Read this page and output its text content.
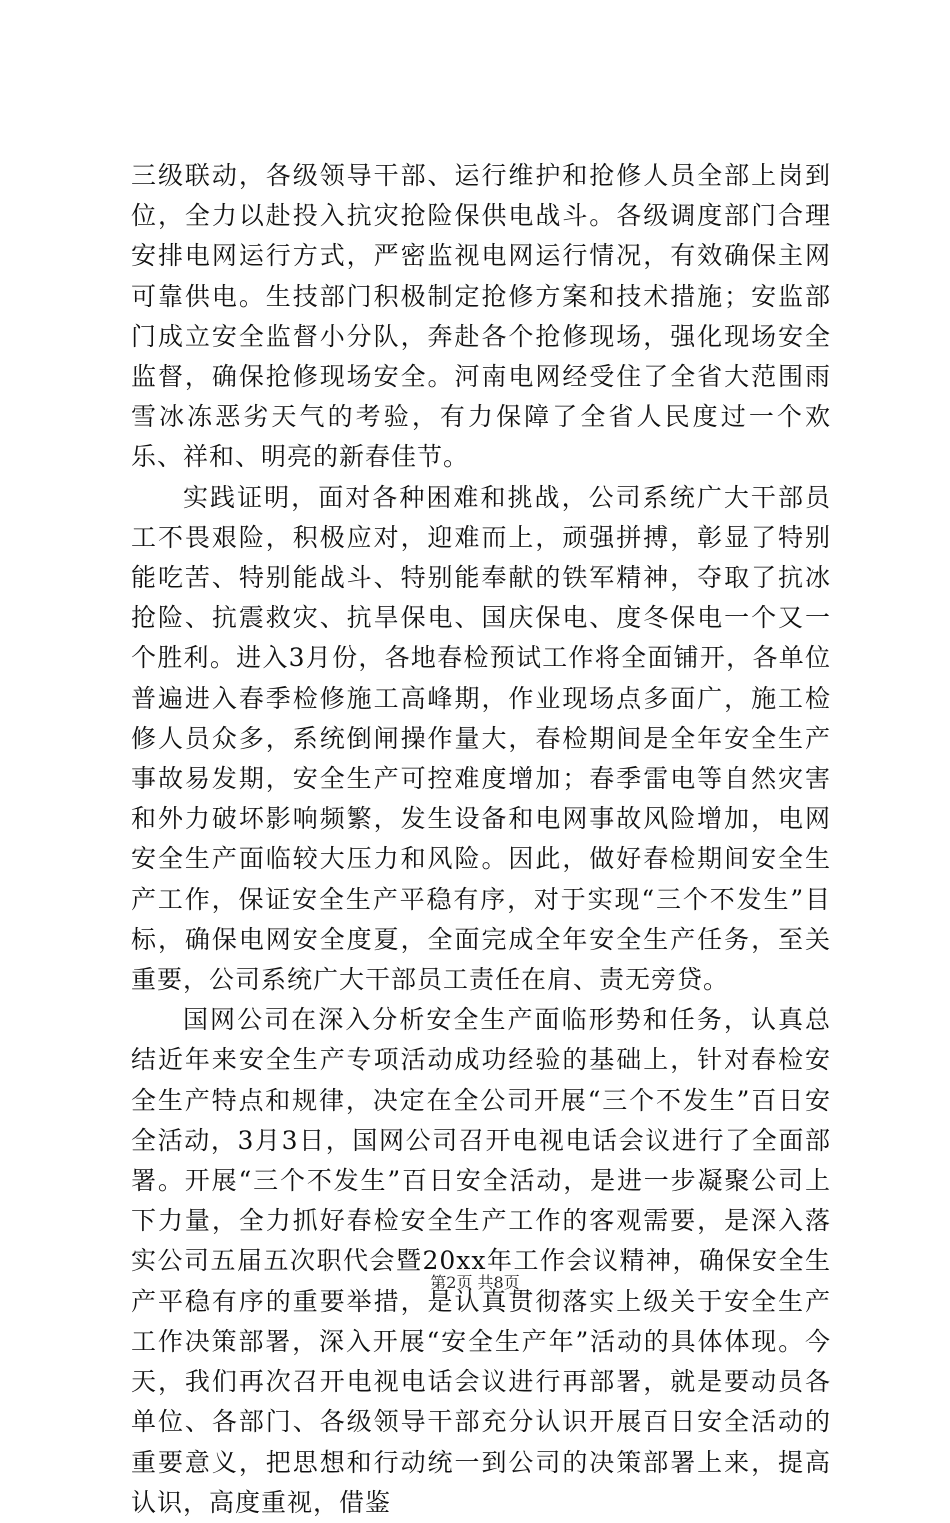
三级联动，各级领导干部、运行维护和抢修人员全部上岗到位，全力以赴投入抗灾抢险保供电战斗。各级调度部门合理安排电网运行方式，严密监视电网运行情况，有效确保主网可靠供电。生技部门积极制定抢修方案和技术措施；安监部门成立安全监督小分队，奔赴各个抢修现场，强化现场安全监督，确保抢修现场安全。河南电网经受住了全省大范围雨雪冰冻恶劣天气的考验，有力保障了全省人民度过一个欢乐、祥和、明亮的新春佳节。

实践证明，面对各种困难和挑战，公司系统广大干部员工不畏艰险，积极应对，迎难而上，顽强拼搏，彰显了特别能吃苦、特别能战斗、特别能奉献的铁军精神，夺取了抗冰抢险、抗震救灾、抗旱保电、国庆保电、度冬保电一个又一个胜利。进入3月份，各地春检预试工作将全面铺开，各单位普遍进入春季检修施工高峰期，作业现场点多面广，施工检修人员众多，系统倒闸操作量大，春检期间是全年安全生产事故易发期，安全生产可控难度增加；春季雷电等自然灾害和外力破坏影响频繁，发生设备和电网事故风险增加，电网安全生产面临较大压力和风险。因此，做好春检期间安全生产工作，保证安全生产平稳有序，对于实现“三个不发生”目标，确保电网安全度夏，全面完成全年安全生产任务，至关重要，公司系统广大干部员工责任在肩、责无旁贷。

国网公司在深入分析安全生产面临形势和任务，认真总结近年来安全生产专项活动成功经验的基础上，针对春检安全生产特点和规律，决定在全公司开展“三个不发生”百日安全活动，3月3日，国网公司召开电视电话会议进行了全面部署。开展“三个不发生”百日安全活动，是进一步凝聚公司上下力量，全力抓好春检安全生产工作的客观需要，是深入落实公司五届五次职代会暨20xx年工作会议精神，确保安全生产平稳有序的重要举措，是认真贯彻落实上级关于安全生产工作决策部署，深入开展“安全生产年”活动的具体体现。今天，我们再次召开电视电话会议进行再部署，就是要动员各单位、各部门、各级领导干部充分认识开展百日安全活动的重要意义，把思想和行动统一到公司的决策部署上来，提高认识，高度重视，借鉴

第2页 共8页
